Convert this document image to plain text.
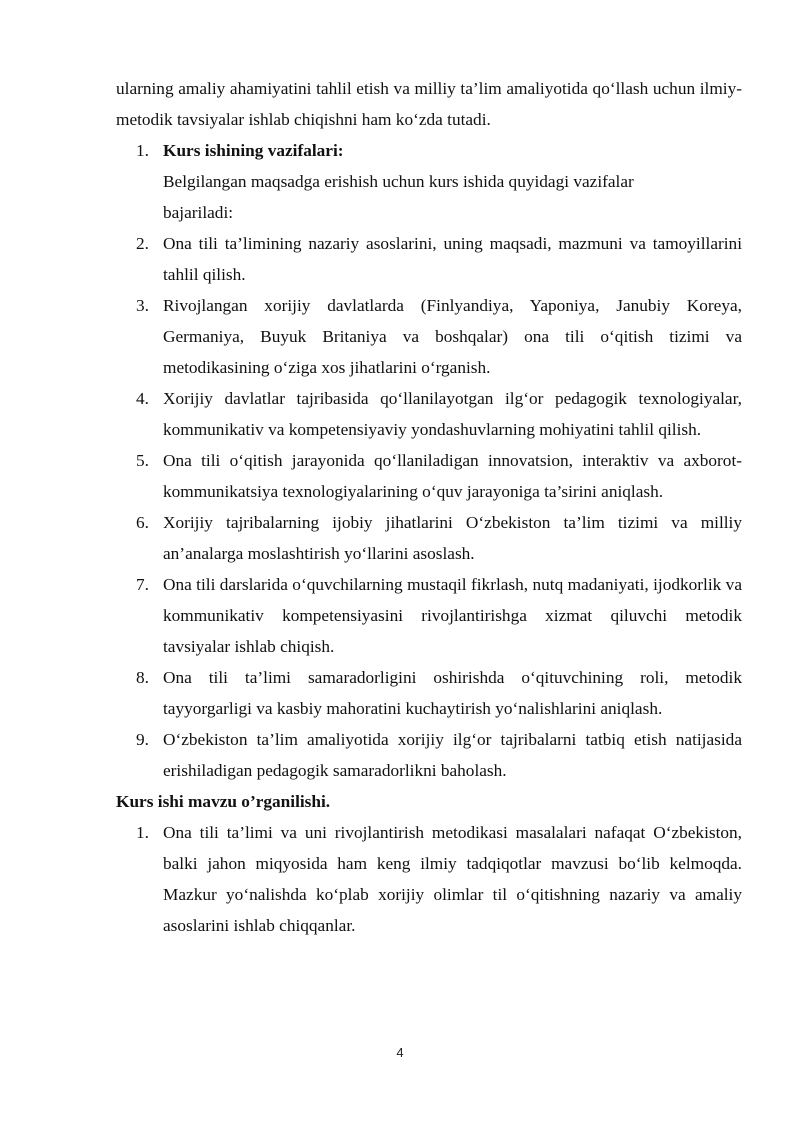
ularning amaliy ahamiyatini tahlil etish va milliy ta’lim amaliyotida qo‘llash uchun ilmiy-metodik tavsiyalar ishlab chiqishni ham ko‘zda tutadi.

1. Kurs ishining vazifalari:
Belgilangan maqsadga erishish uchun kurs ishida quyidagi vazifalar bajariladi:
2. Ona tili ta’limining nazariy asoslarini, uning maqsadi, mazmuni va tamoyillarini tahlil qilish.
3. Rivojlangan xorijiy davlatlarda (Finlyandiya, Yaponiya, Janubiy Koreya, Germaniya, Buyuk Britaniya va boshqalar) ona tili o‘qitish tizimi va metodikasining o‘ziga xos jihatlarini o‘rganish.
4. Xorijiy davlatlar tajribasida qo‘llanilayotgan ilg‘or pedagogik texnologiyalar, kommunikativ va kompetensiyaviy yondashuvlarning mohiyatini tahlil qilish.
5. Ona tili o‘qitish jarayonida qo‘llaniladigan innovatsion, interaktiv va axborot-kommunikatsiya texnologiyalarining o‘quv jarayoniga ta’sirini aniqlash.
6. Xorijiy tajribalarning ijobiy jihatlarini O‘zbekiston ta’lim tizimi va milliy an’analarga moslashtirish yo‘llarini asoslash.
7. Ona tili darslarida o‘quvchilarning mustaqil fikrlash, nutq madaniyati, ijodkorlik va kommunikativ kompetensiyasini rivojlantirishga xizmat qiluvchi metodik tavsiyalar ishlab chiqish.
8. Ona tili ta’limi samaradorligini oshirishda o‘qituvchining roli, metodik tayyorgarligi va kasbiy mahoratini kuchaytirish yo‘nalishlarini aniqlash.
9. O‘zbekiston ta’lim amaliyotida xorijiy ilg‘or tajribalarni tatbiq etish natijasida erishiladigan pedagogik samaradorlikni baholash.

Kurs ishi mavzu o’rganilishi.

1. Ona tili ta’limi va uni rivojlantirish metodikasi masalalari nafaqat O‘zbekiston, balki jahon miqyosida ham keng ilmiy tadqiqotlar mavzusi bo‘lib kelmoqda. Mazkur yo‘nalishda ko‘plab xorijiy olimlar til o‘qitishning nazariy va amaliy asoslarini ishlab chiqqanlar.
4
